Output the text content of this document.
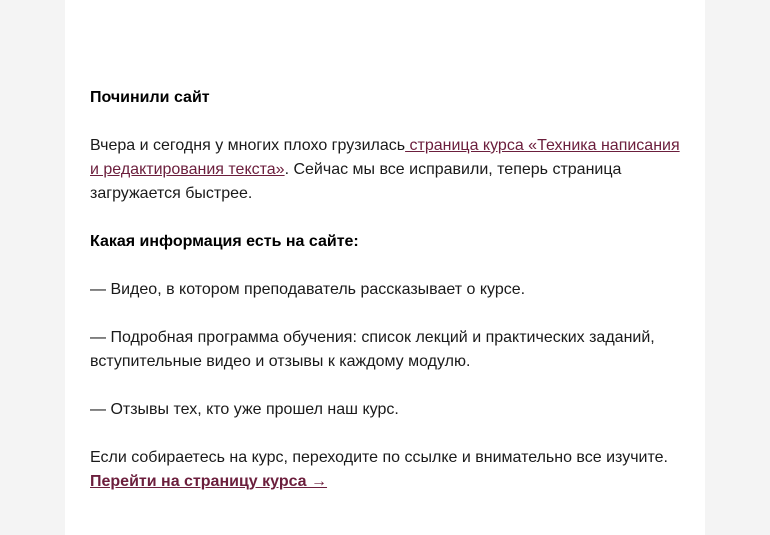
Починили сайт

Вчера и сегодня у многих плохо грузилась страница курса «Техника написания и редактирования текста». Сейчас мы все исправили, теперь страница загружается быстрее.

Какая информация есть на сайте:

— Видео, в котором преподаватель рассказывает о курсе.

— Подробная программа обучения: список лекций и практических заданий, вступительные видео и отзывы к каждому модулю.

— Отзывы тех, кто уже прошел наш курс.

Если собираетесь на курс, переходите по ссылке и внимательно все изучите.
Перейти на страницу курса →
